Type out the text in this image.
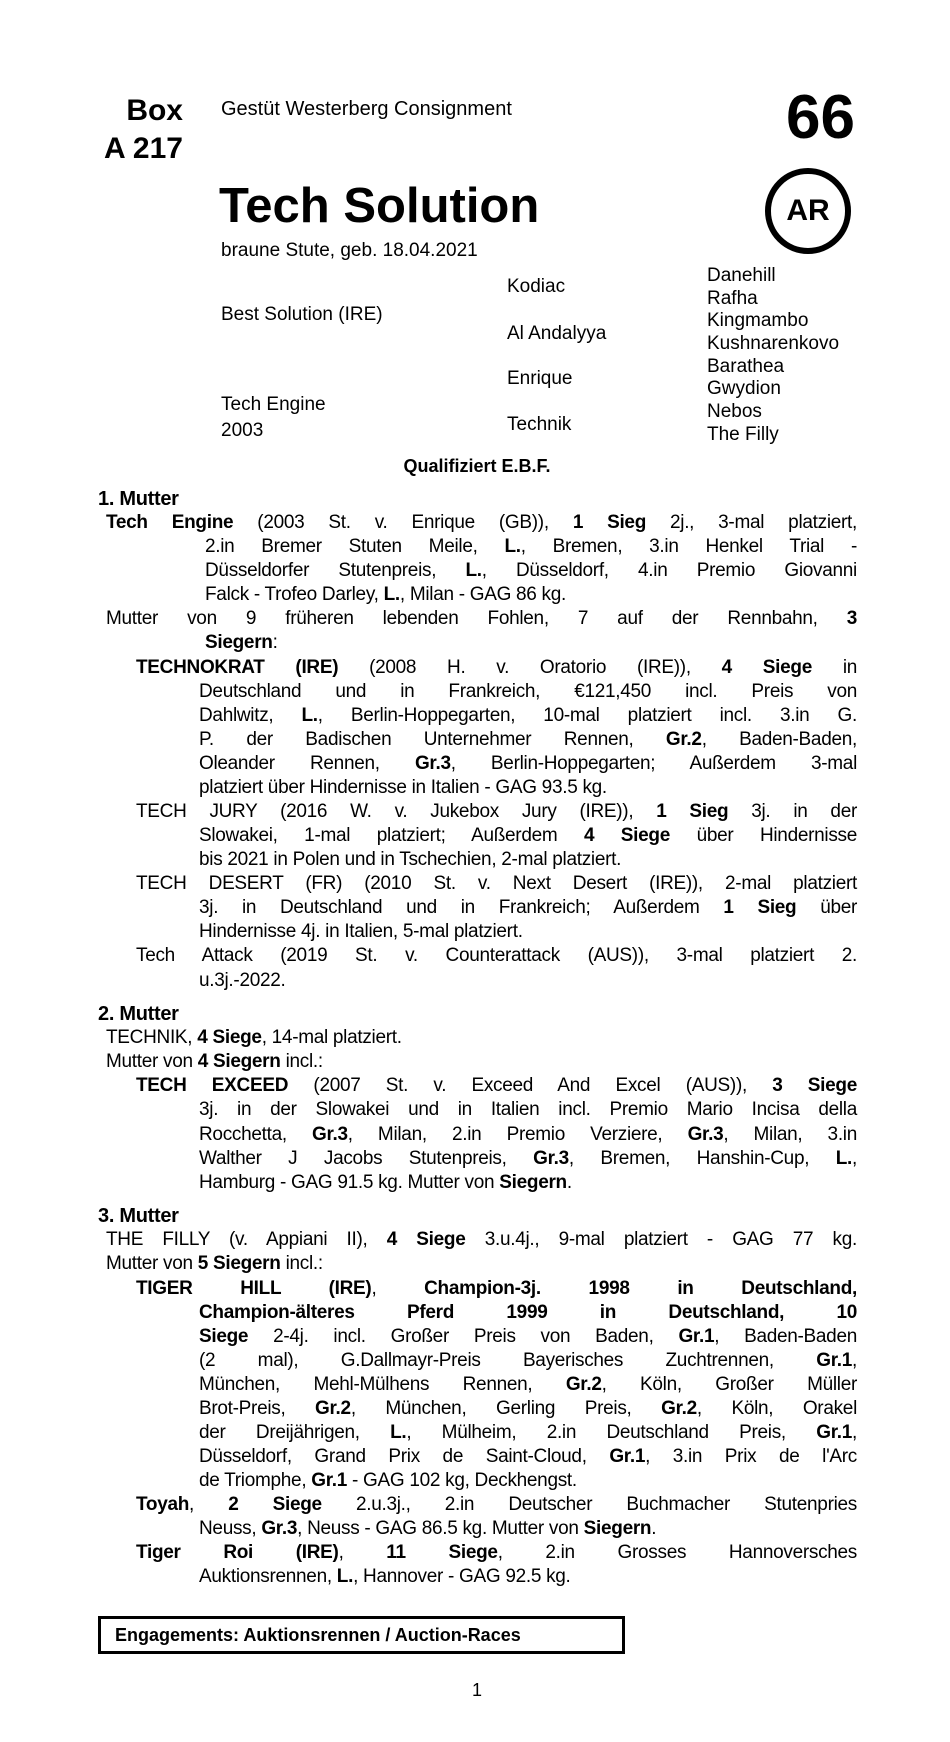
Box
A 217
Gestüt Westerberg Consignment	66
Tech Solution	AR
braune Stute, geb. 18.04.2021
Best Solution (IRE)
Tech Engine
2003
Kodiac
Al Andalyya
Enrique
Technik
Danehill
Rafha
Kingmambo
Kushnarenkovo
Barathea
Gwydion
Nebos
The Filly
Qualifiziert E.B.F.
1. Mutter
Tech Engine (2003 St. v. Enrique (GB)), 1 Sieg 2j., 3-mal platziert,
2.in Bremer Stuten Meile, L., Bremen, 3.in Henkel Trial -
Düsseldorfer Stutenpreis, L., Düsseldorf, 4.in Premio Giovanni
Falck - Trofeo Darley, L., Milan - GAG 86 kg.
Mutter von 9 früheren lebenden Fohlen, 7 auf der Rennbahn, 3
Siegern:
TECHNOKRAT (IRE) (2008 H. v. Oratorio (IRE)), 4 Siege in
Deutschland und in Frankreich, €121,450 incl. Preis von
Dahlwitz, L., Berlin-Hoppegarten, 10-mal platziert incl. 3.in G.
P. der Badischen Unternehmer Rennen, Gr.2, Baden-Baden,
Oleander Rennen, Gr.3, Berlin-Hoppegarten; Außerdem 3-mal
platziert über Hindernisse in Italien - GAG 93.5 kg.
TECH JURY (2016 W. v. Jukebox Jury (IRE)), 1 Sieg 3j. in der
Slowakei, 1-mal platziert; Außerdem 4 Siege über Hindernisse
bis 2021 in Polen und in Tschechien, 2-mal platziert.
TECH DESERT (FR) (2010 St. v. Next Desert (IRE)), 2-mal platziert
3j. in Deutschland und in Frankreich; Außerdem 1 Sieg über
Hindernisse 4j. in Italien, 5-mal platziert.
Tech Attack (2019 St. v. Counterattack (AUS)), 3-mal platziert 2.
u.3j.-2022.
2. Mutter
TECHNIK, 4 Siege, 14-mal platziert.
Mutter von 4 Siegern incl.:
TECH EXCEED (2007 St. v. Exceed And Excel (AUS)), 3 Siege
3j. in der Slowakei und in Italien incl. Premio Mario Incisa della
Rocchetta, Gr.3, Milan, 2.in Premio Verziere, Gr.3, Milan, 3.in
Walther J Jacobs Stutenpreis, Gr.3, Bremen, Hanshin-Cup, L.,
Hamburg - GAG 91.5 kg. Mutter von Siegern.
3. Mutter
THE FILLY (v. Appiani II), 4 Siege 3.u.4j., 9-mal platziert - GAG 77 kg.
Mutter von 5 Siegern incl.:
TIGER HILL (IRE), Champion-3j. 1998 in Deutschland,
Champion-älteres Pferd 1999 in Deutschland, 10
Siege 2-4j. incl. Großer Preis von Baden, Gr.1, Baden-Baden
(2 mal), G.Dallmayr-Preis Bayerisches Zuchtrennen, Gr.1,
München, Mehl-Mülhens Rennen, Gr.2, Köln, Großer Müller
Brot-Preis, Gr.2, München, Gerling Preis, Gr.2, Köln, Orakel
der Dreijährigen, L., Mülheim, 2.in Deutschland Preis, Gr.1,
Düsseldorf, Grand Prix de Saint-Cloud, Gr.1, 3.in Prix de l'Arc
de Triomphe, Gr.1 - GAG 102 kg, Deckhengst.
Toyah, 2 Siege 2.u.3j., 2.in Deutscher Buchmacher Stutenpries
Neuss, Gr.3, Neuss - GAG 86.5 kg. Mutter von Siegern.
Tiger Roi (IRE), 11 Siege, 2.in Grosses Hannoversches
Auktionsrennen, L., Hannover - GAG 92.5 kg.
Engagements: Auktionsrennen / Auction-Races
1
